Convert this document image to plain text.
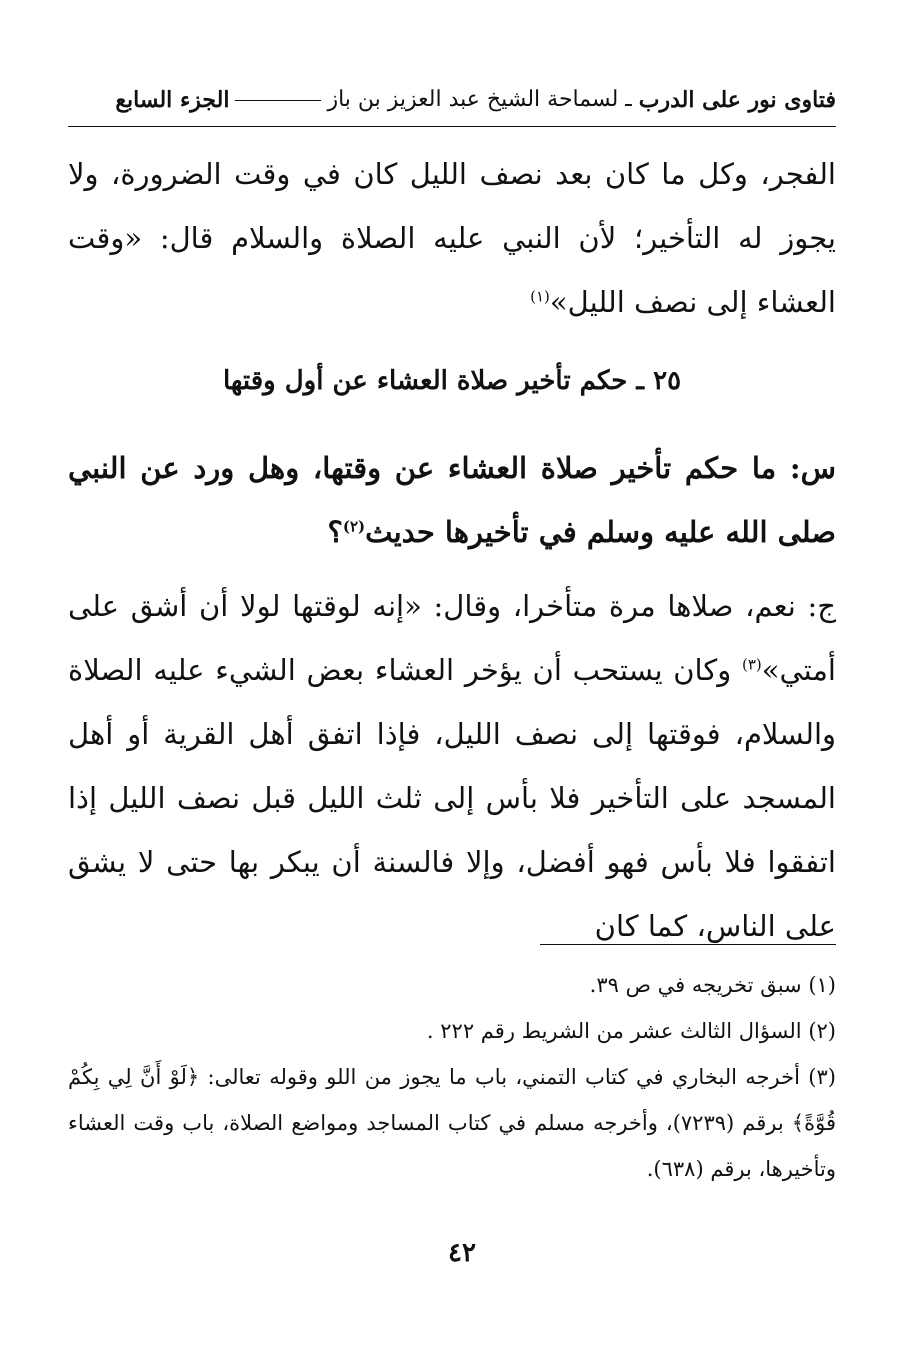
فتاوى نور على الدرب
ـ
لسماحة الشيخ عبد العزيز بن باز
الجزء السابع
الفجر، وكل ما كان بعد نصف الليل كان في وقت الضرورة، ولا يجوز له التأخير؛ لأن النبي عليه الصلاة والسلام قال: «وقت العشاء إلى نصف الليل»$^{(١)}$
٢٥ ـ حكم تأخير صلاة العشاء عن أول وقتها
س: ما حكم تأخير صلاة العشاء عن وقتها، وهل ورد عن النبي صلى الله عليه وسلم في تأخيرها حديث$^{(٢)}$؟
ج: نعم، صلاها مرة متأخرا، وقال: «إنه لوقتها لولا أن أشق على أمتي»$^{(٣)}$ وكان يستحب أن يؤخر العشاء بعض الشيء عليه الصلاة والسلام، فوقتها إلى نصف الليل، فإذا اتفق أهل القرية أو أهل المسجد على التأخير فلا بأس إلى ثلث الليل قبل نصف الليل إذا اتفقوا فلا بأس فهو أفضل، وإلا فالسنة أن يبكر بها حتى لا يشق على الناس، كما كان
(١) سبق تخريجه في ص ٣٩.
(٢) السؤال الثالث عشر من الشريط رقم ٢٢٢ .
(٣) أخرجه البخاري في كتاب التمني، باب ما يجوز من اللو وقوله تعالى: ﴿لَوْ أَنَّ لِي بِكُمْ قُوَّةً﴾ برقم (٧٢٣٩)، وأخرجه مسلم في كتاب المساجد ومواضع الصلاة، باب وقت العشاء وتأخيرها، برقم (٦٣٨).
٤٢
